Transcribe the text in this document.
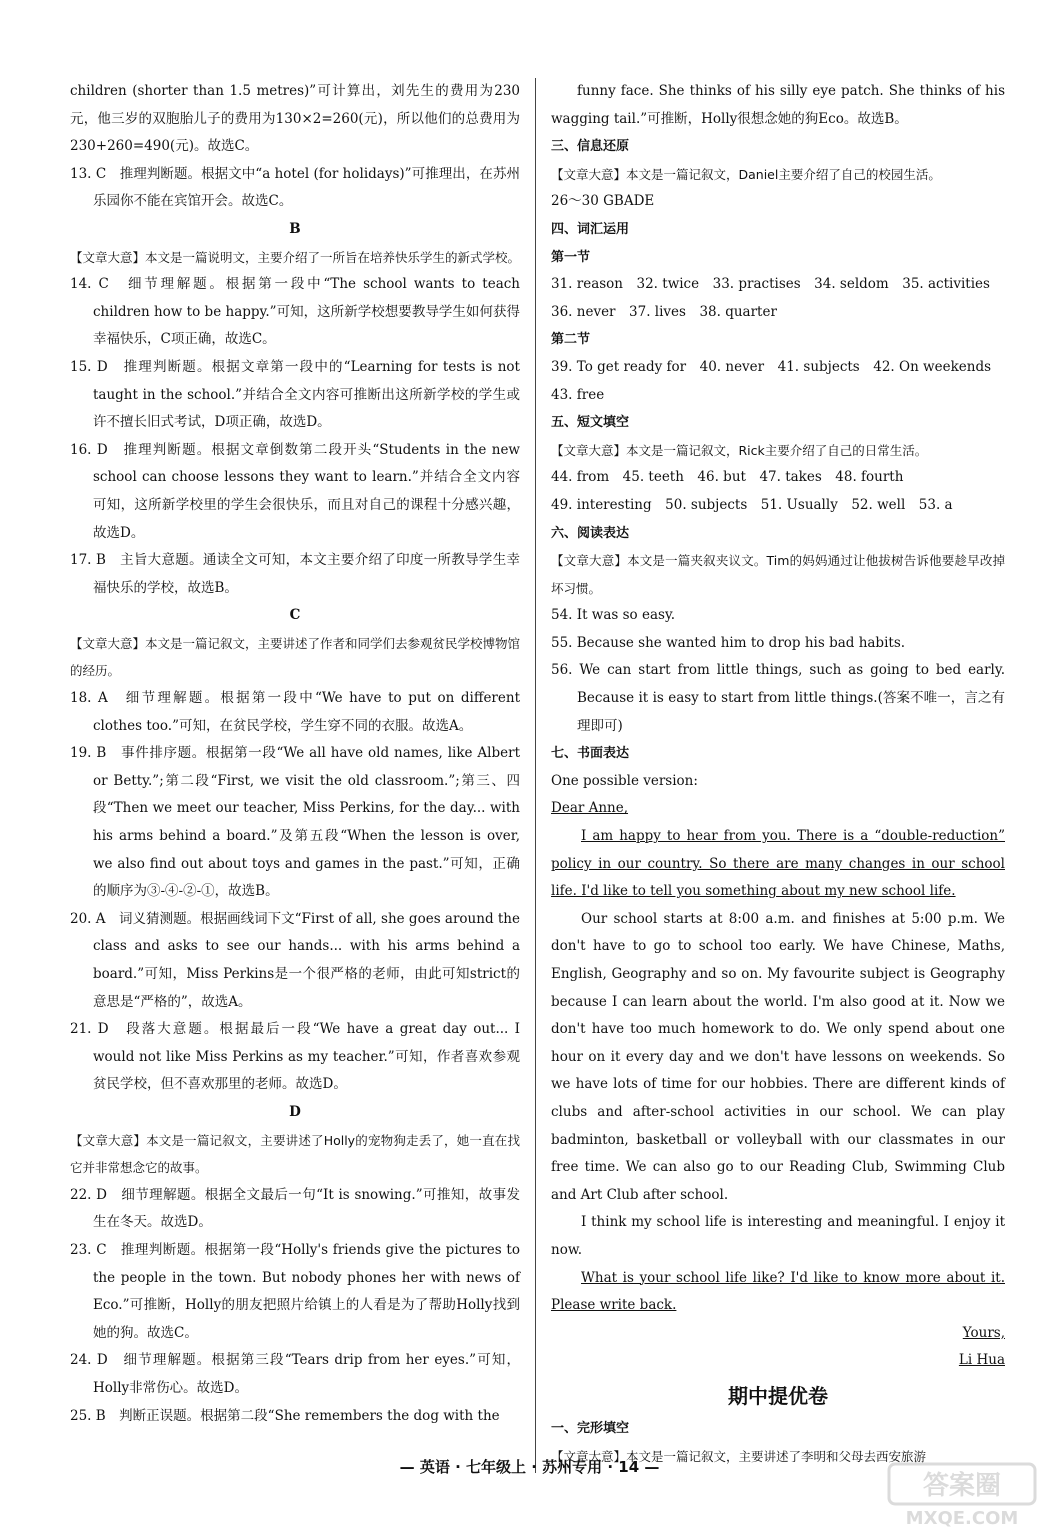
children (shorter than 1.5 metres)”可计算出，刘先生的费用为230元，他三岁的双胞胎儿子的费用为130×2=260(元)，所以他们的总费用为230+260=490(元)。故选C。

13. C　推理判断题。根据文中“a hotel (for holidays)”可推理出，在苏州乐园你不能在宾馆开会。故选C。

B

【文章大意】本文是一篇说明文，主要介绍了一所旨在培养快乐学生的新式学校。

14. C　细节理解题。根据第一段中“The school wants to teach children how to be happy.”可知，这所新学校想要教导学生如何获得幸福快乐，C项正确，故选C。

15. D　推理判断题。根据文章第一段中的“Learning for tests is not taught in the school.”并结合全文内容可推断出这所新学校的学生或许不擅长旧式考试，D项正确，故选D。

16. D　推理判断题。根据文章倒数第二段开头“Students in the new school can choose lessons they want to learn.”并结合全文内容可知，这所新学校里的学生会很快乐，而且对自己的课程十分感兴趣，故选D。

17. B　主旨大意题。通读全文可知，本文主要介绍了印度一所教导学生幸福快乐的学校，故选B。

C

【文章大意】本文是一篇记叙文，主要讲述了作者和同学们去参观贫民学校博物馆的经历。

18. A　细节理解题。根据第一段中“We have to put on different clothes too.”可知，在贫民学校，学生穿不同的衣服。故选A。

19. B　事件排序题。根据第一段“We all have old names, like Albert or Betty.”;第二段“First, we visit the old classroom.”;第三、四段“Then we meet our teacher, Miss Perkins, for the day... with his arms behind a board.”及第五段“When the lesson is over, we also find out about toys and games in the past.”可知，正确的顺序为③-④-②-①，故选B。

20. A　词义猜测题。根据画线词下文“First of all, she goes around the class and asks to see our hands... with his arms behind a board.”可知，Miss Perkins是一个很严格的老师，由此可知strict的意思是“严格的”，故选A。

21. D　段落大意题。根据最后一段“We have a great day out... I would not like Miss Perkins as my teacher.”可知，作者喜欢参观贫民学校，但不喜欢那里的老师。故选D。

D

【文章大意】本文是一篇记叙文，主要讲述了Holly的宠物狗走丢了，她一直在找它并非常想念它的故事。

22. D　细节理解题。根据全文最后一句“It is snowing.”可推知，故事发生在冬天。故选D。

23. C　推理判断题。根据第一段“Holly's friends give the pictures to the people in the town. But nobody phones her with news of Eco.”可推断，Holly的朋友把照片给镇上的人看是为了帮助Holly找到她的狗。故选C。

24. D　细节理解题。根据第三段“Tears drip from her eyes.”可知，Holly非常伤心。故选D。

25. B　判断正误题。根据第二段“She remembers the dog with the

funny face. She thinks of his silly eye patch. She thinks of his wagging tail.”可推断，Holly很想念她的狗Eco。故选B。

三、信息还原

【文章大意】本文是一篇记叙文，Daniel主要介绍了自己的校园生活。

26～30 GBADE

四、词汇运用

第一节

31. reason　32. twice　33. practises　34. seldom　35. activities

36. never　37. lives　38. quarter

第二节

39. To get ready for　40. never　41. subjects　42. On weekends

43. free

五、短文填空

【文章大意】本文是一篇记叙文，Rick主要介绍了自己的日常生活。

44. from　45. teeth　46. but　47. takes　48. fourth

49. interesting　50. subjects　51. Usually　52. well　53. a

六、阅读表达

【文章大意】本文是一篇夹叙夹议文。Tim的妈妈通过让他拔树告诉他要趁早改掉坏习惯。

54. It was so easy.

55. Because she wanted him to drop his bad habits.

56. We can start from little things, such as going to bed early. Because it is easy to start from little things.(答案不唯一，言之有理即可)

七、书面表达

One possible version:

Dear Anne,

I am happy to hear from you. There is a “double-reduction” policy in our country. So there are many changes in our school life. I'd like to tell you something about my new school life.

Our school starts at 8:00 a.m. and finishes at 5:00 p.m. We don't have to go to school too early. We have Chinese, Maths, English, Geography and so on. My favourite subject is Geography because I can learn about the world. I'm also good at it. Now we don't have too much homework to do. We only spend about one hour on it every day and we don't have lessons on weekends. So we have lots of time for our hobbies. There are different kinds of clubs and after-school activities in our school. We can play badminton, basketball or volleyball with our classmates in our free time. We can also go to our Reading Club, Swimming Club and Art Club after school.

I think my school life is interesting and meaningful. I enjoy it now.

What is your school life like? I'd like to know more about it. Please write back.

Yours,

Li Hua

期中提优卷

一、完形填空

【文章大意】本文是一篇记叙文，主要讲述了李明和父母去西安旅游

— 英语 · 七年级上 · 苏州专用 · 14 —
答案圈
MXQE.COM
